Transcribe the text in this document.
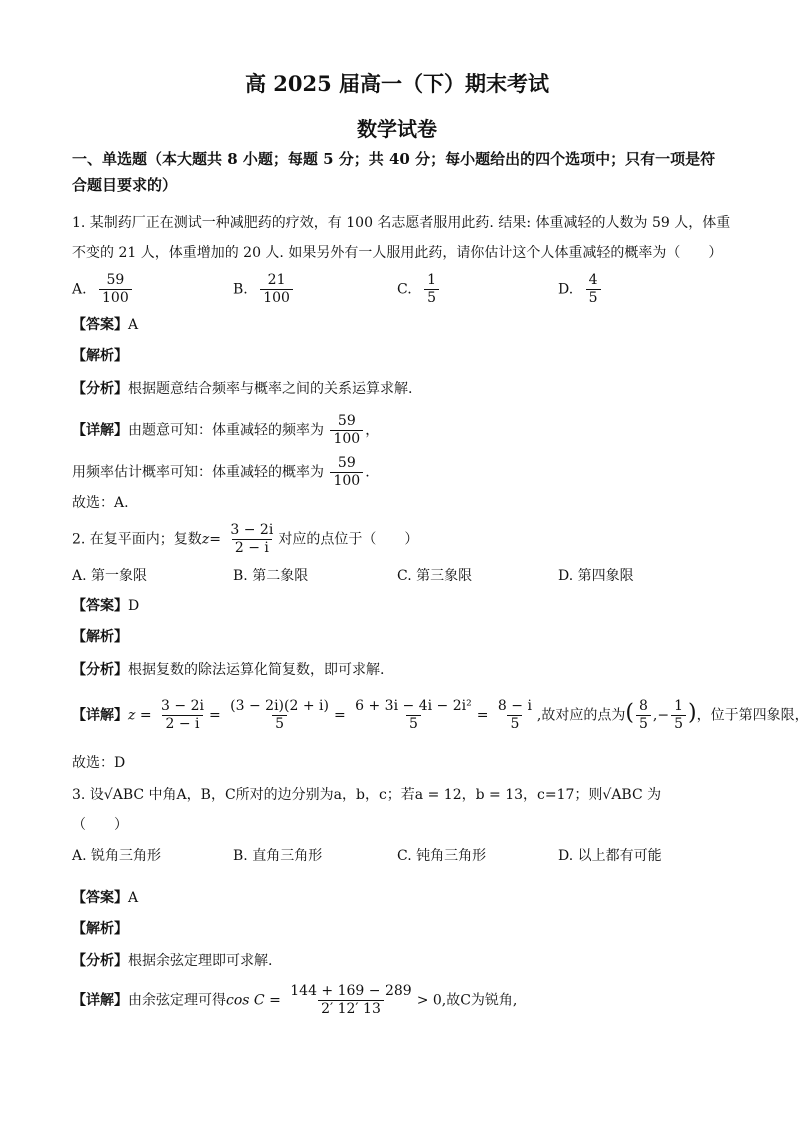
高 2025 届高一（下）期末考试
数学试卷
一、单选题（本大题共 8 小题；每题 5 分；共 40 分；每小题给出的四个选项中；只有一项是符合题目要求的）
1. 某制药厂正在测试一种减肥药的疗效，有 100 名志愿者服用此药. 结果: 体重减轻的人数为 59 人，体重
不变的 21 人，体重增加的 20 人. 如果另外有一人服用此药，请你估计这个人体重减轻的概率为（　　）
A. $\frac{59}{100}$	B. $\frac{21}{100}$	C. $\frac{1}{5}$	D. $\frac{4}{5}$
【答案】A
【解析】
【分析】根据题意结合频率与概率之间的关系运算求解.
【详解】由题意可知：体重减轻的频率为 $\frac{59}{100}$ ，
用频率估计概率可知：体重减轻的概率为 $\frac{59}{100}$ .
故选：A.
2. 在复平面内；复数$z= \frac{3 - 2i}{2 - i}$ 对应的点位于（　　）
A. 第一象限	B. 第二象限	C. 第三象限	D. 第四象限
【答案】D
【解析】
【分析】根据复数的除法运算化简复数，即可求解.
【详解】$z = \frac{3 - 2i}{2 - i} = \frac{(3 - 2i)(2 + i)}{5} = \frac{\text{6 + 3i − 4i − 2i²}}{5} = \frac{8 - i}{5}$ ,故对应的点为( $\frac{8}{5}$ ,− $\frac{1}{5}$ )，位于第四象限，
故选：D
3. 设√ABC 中角A，B，C所对的边分别为a，b，c；若a = 12，b = 13，c=17；则√ABC 为
（　　）
A. 锐角三角形	B. 直角三角形	C. 钝角三角形	D. 以上都有可能
【答案】A
【解析】
【分析】根据余弦定理即可求解.
【详解】由余弦定理可得$\cos C = \frac{144 + 169 - 289}{2' 12' 13} > 0$,故C为锐角,
